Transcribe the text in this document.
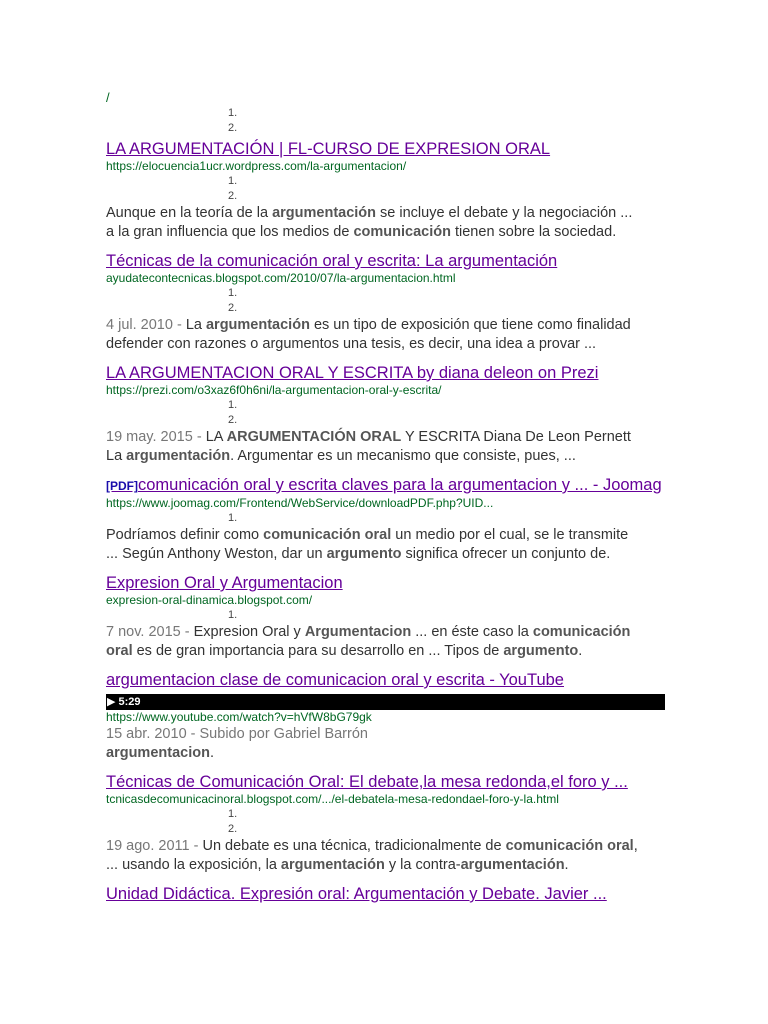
/
1.
2.
LA ARGUMENTACIÓN | FL-CURSO DE EXPRESION ORAL
https://elocuencia1ucr.wordpress.com/la-argumentacion/
1.
2.
Aunque en la teoría de la argumentación se incluye el debate y la negociación ...
a la gran influencia que los medios de comunicación tienen sobre la sociedad.
Técnicas de la comunicación oral y escrita: La argumentación
ayudatecontecnicas.blogspot.com/2010/07/la-argumentacion.html
1.
2.
4 jul. 2010 - La argumentación es un tipo de exposición que tiene como finalidad
defender con razones o argumentos una tesis, es decir, una idea a provar ...
LA ARGUMENTACION ORAL Y ESCRITA by diana deleon on Prezi
https://prezi.com/o3xaz6f0h6ni/la-argumentacion-oral-y-escrita/
1.
2.
19 may. 2015 - LA ARGUMENTACIÓN ORAL Y ESCRITA Diana De Leon Pernett
La argumentación. Argumentar es un mecanismo que consiste, pues, ...
[PDF]comunicación oral y escrita claves para la argumentacion y ... - Joomag
https://www.joomag.com/Frontend/WebService/downloadPDF.php?UID...
1.
Podríamos definir como comunicación oral un medio por el cual, se le transmite
... Según Anthony Weston, dar un argumento significa ofrecer un conjunto de.
Expresion Oral y Argumentacion
expresion-oral-dinamica.blogspot.com/
1.
7 nov. 2015 - Expresion Oral y Argumentacion ... en éste caso la comunicación
oral es de gran importancia para su desarrollo en ... Tipos de argumento.
argumentacion clase de comunicacion oral y escrita - YouTube
▶ 5:29
https://www.youtube.com/watch?v=hVfW8bG79gk
15 abr. 2010 - Subido por Gabriel Barrón
argumentacion.
Técnicas de Comunicación Oral: El debate,la mesa redonda,el foro y ...
tcnicasdecomunicacinoral.blogspot.com/.../el-debatela-mesa-redondael-foro-y-la.html
1.
2.
19 ago. 2011 - Un debate es una técnica, tradicionalmente de comunicación oral,
... usando la exposición, la argumentación y la contra-argumentación.
Unidad Didáctica. Expresión oral: Argumentación y Debate. Javier ...
